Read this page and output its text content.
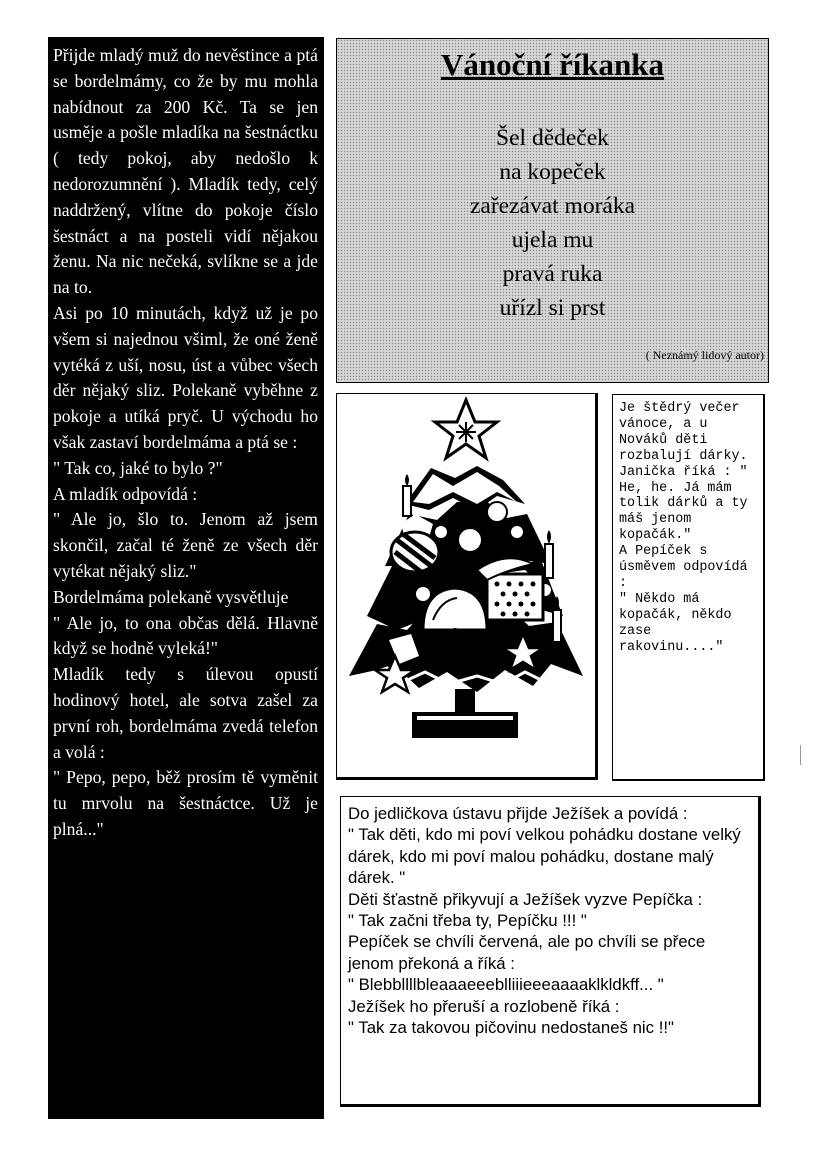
Přijde mladý muž do nevěstince a ptá se bordelmámy, co že by mu mohla nabídnout za 200 Kč. Ta se jen usměje a pošle mladíka na šestnáctku ( tedy pokoj, aby nedošlo k nedorozumnění ). Mladík tedy, celý naddržený, vlítne do pokoje číslo šestnáct a na posteli vidí nějakou ženu. Na nic nečeká, svlíkne se a jde na to.

Asi po 10 minutách, když už je po všem si najednou všiml, že oné ženě vytéká z uší, nosu, úst a vůbec všech děr nějaký sliz. Polekaně vyběhne z pokoje a utíká pryč. U východu ho však zastaví bordelmáma a ptá se :

" Tak co, jaké to bylo ?"

A mladík odpovídá :

" Ale jo, šlo to. Jenom až jsem skončil, začal té ženě ze všech děr vytékat nějaký sliz."

Bordelmáma polekaně vysvětluje

" Ale jo, to ona občas dělá. Hlavně když se hodně vyleká!"

Mladík tedy s úlevou opustí hodinový hotel, ale sotva zašel za první roh, bordelmáma zvedá telefon a volá :

" Pepo, pepo, běž prosím tě vyměnit tu mrvolu na šestnáctce. Už je plná..."

Vánoční říkanka
Šel dědeček
na kopeček
zařezávat moráka
ujela mu
pravá ruka
uřízl si prst
( Neznámý lidový autor)

Je štědrý večer vánoce, a u Nováků děti rozbalují dárky.

Janička říká : " He, he. Já mám tolik dárků a ty máš jenom kopačák."

A Pepíček s úsměvem odpovídá :

" Někdo má kopačák, někdo zase rakovinu...."

Do jedličkova ústavu přijde Ježíšek a povídá :

" Tak děti, kdo mi poví velkou pohádku dostane velký dárek, kdo mi poví malou pohádku, dostane malý dárek. "

Děti šťastně přikyvují a Ježíšek vyzve Pepíčka :

" Tak začni třeba ty, Pepíčku !!! "

Pepíček se chvíli červená, ale po chvíli se přece jenom překoná a říká :

" Blebbllllbleaaaeeeblliiieeeaaaaklkldkff... "

Ježíšek ho přeruší a rozlobeně říká :

" Tak za takovou pičovinu nedostaneš nic !!"
